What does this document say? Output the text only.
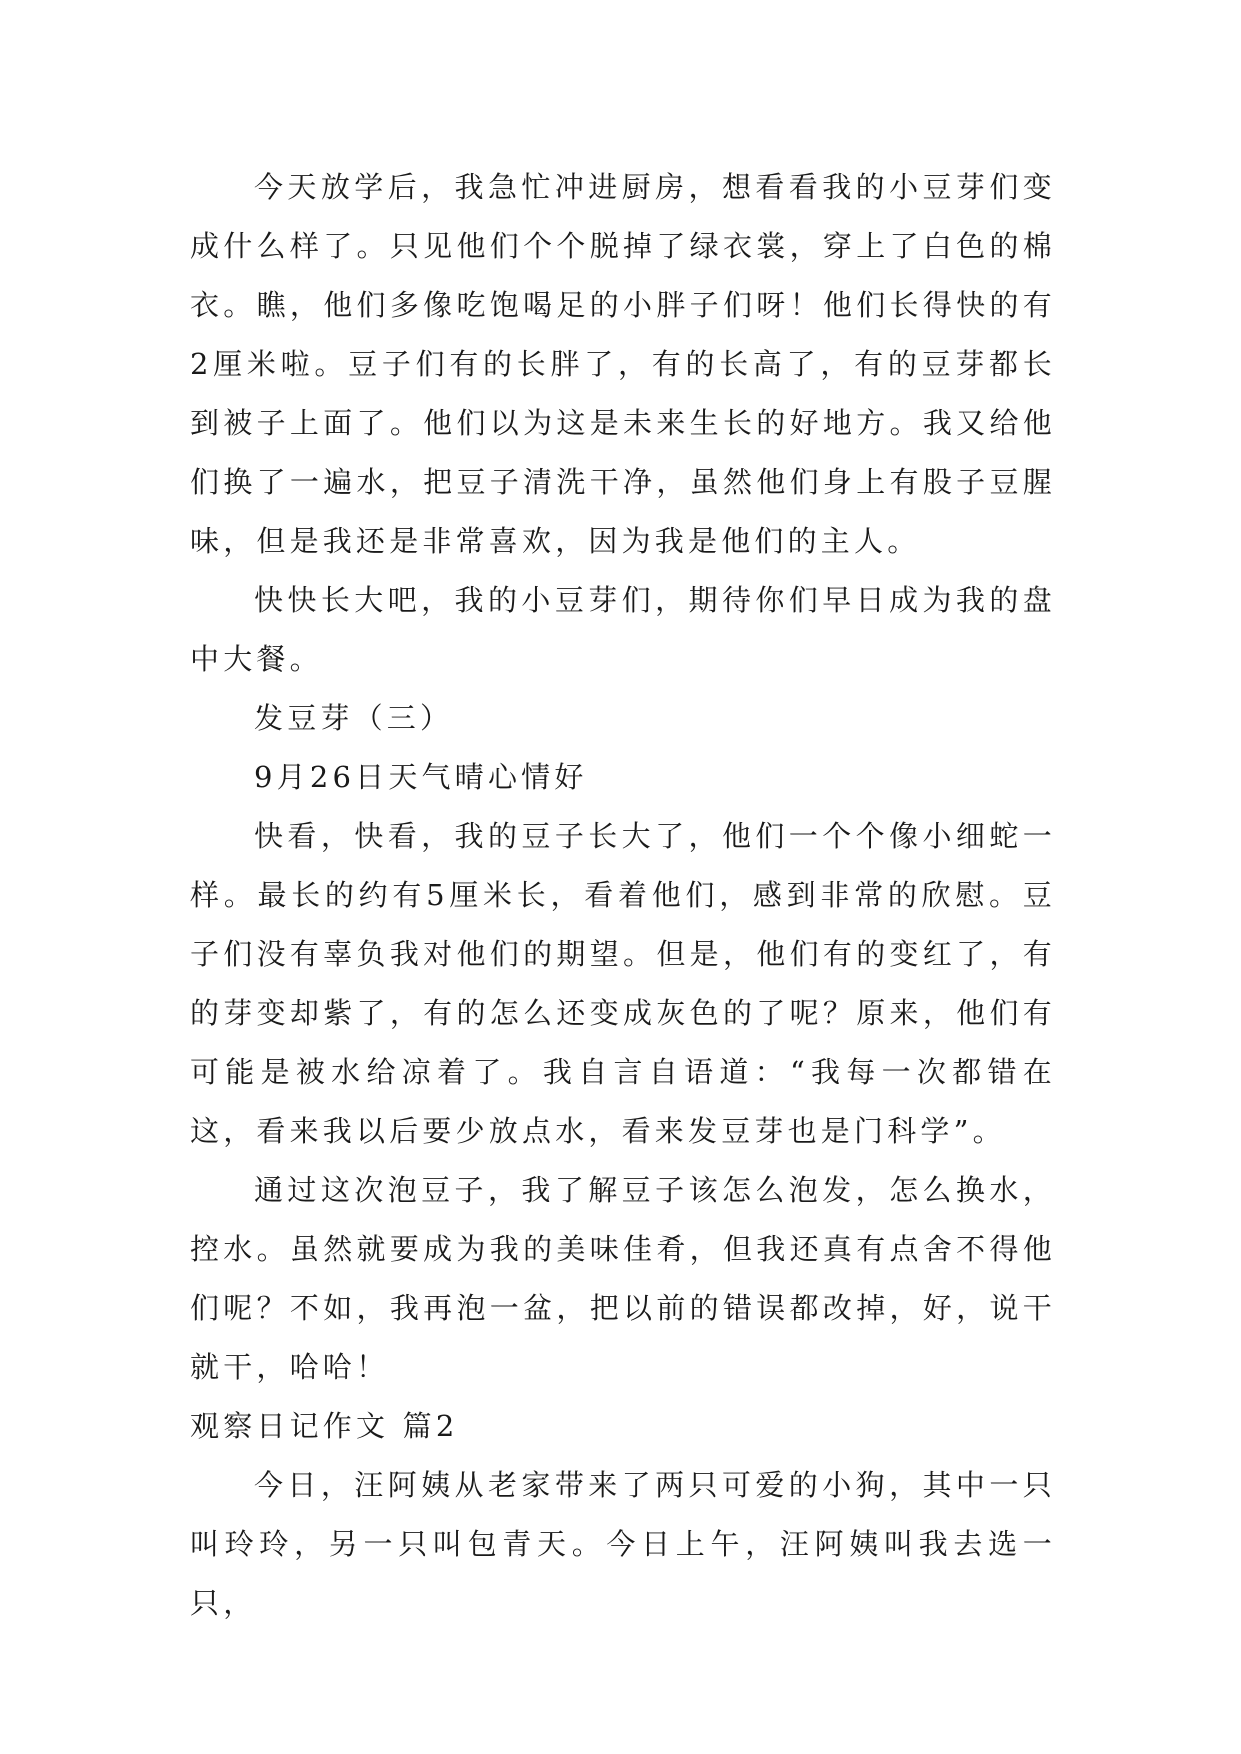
今天放学后，我急忙冲进厨房，想看看我的小豆芽们变成什么样了。只见他们个个脱掉了绿衣裳，穿上了白色的棉衣。瞧，他们多像吃饱喝足的小胖子们呀！他们长得快的有2厘米啦。豆子们有的长胖了，有的长高了，有的豆芽都长到被子上面了。他们以为这是未来生长的好地方。我又给他们换了一遍水，把豆子清洗干净，虽然他们身上有股子豆腥味，但是我还是非常喜欢，因为我是他们的主人。

快快长大吧，我的小豆芽们，期待你们早日成为我的盘中大餐。

发豆芽（三）

9月26日天气晴心情好

快看，快看，我的豆子长大了，他们一个个像小细蛇一样。最长的约有5厘米长，看着他们，感到非常的欣慰。豆子们没有辜负我对他们的期望。但是，他们有的变红了，有的芽变却紫了，有的怎么还变成灰色的了呢？原来，他们有可能是被水给凉着了。我自言自语道：“我每一次都错在这，看来我以后要少放点水，看来发豆芽也是门科学”。

通过这次泡豆子，我了解豆子该怎么泡发，怎么换水，控水。虽然就要成为我的美味佳肴，但我还真有点舍不得他们呢？不如，我再泡一盆，把以前的错误都改掉，好，说干就干，哈哈！

观察日记作文 篇2

今日，汪阿姨从老家带来了两只可爱的小狗，其中一只叫玲玲，另一只叫包青天。今日上午，汪阿姨叫我去选一只，
